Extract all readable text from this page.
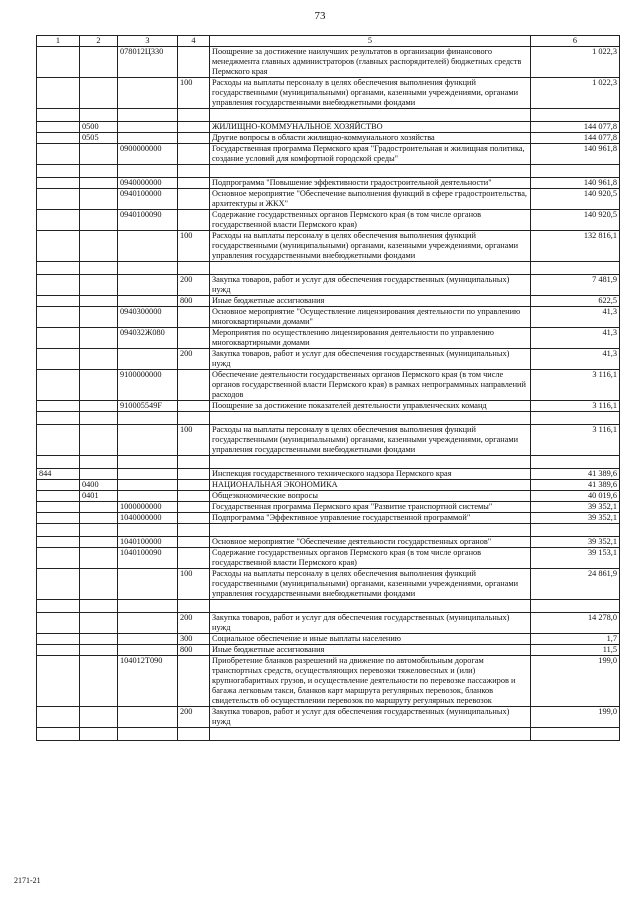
73
1	2	3	4	5	6
		078012Ц330		Поощрение за достижение наилучших результатов в организации финансового менеджмента главных администраторов (главных распорядителей) бюджетных средств Пермского края	1 022,3
			100	Расходы на выплаты персоналу в целях обеспечения выполнения функций государственными (муниципальными) органами, казенными учреждениями, органами управления государственными внебюджетными фондами	1 022,3

	0500			ЖИЛИЩНО-КОММУНАЛЬНОЕ ХОЗЯЙСТВО	144 077,8
	0505			Другие вопросы в области жилищно-коммунального хозяйства	144 077,8
		0900000000		Государственная программа Пермского края "Градостроительная и жилищная политика, создание условий для комфортной городской среды"	140 961,8

		0940000000		Подпрограмма "Повышение эффективности градостроительной деятельности"	140 961,8
		0940100000		Основное мероприятие "Обеспечение выполнения функций в сфере градостроительства, архитектуры и ЖКХ"	140 920,5
		0940100090		Содержание государственных органов Пермского края (в том числе органов государственной власти Пермского края)	140 920,5
			100	Расходы на выплаты персоналу в целях обеспечения выполнения функций государственными (муниципальными) органами, казенными учреждениями, органами управления государственными внебюджетными фондами	132 816,1

			200	Закупка товаров, работ и услуг для обеспечения государственных (муниципальных) нужд	7 481,9
			800	Иные бюджетные ассигнования	622,5
		0940300000		Основное мероприятие "Осуществление лицензирования деятельности по управлению многоквартирными домами"	41,3
		094032Ж080		Мероприятия по осуществлению лицензирования деятельности по управлению многоквартирными домами	41,3
			200	Закупка товаров, работ и услуг для обеспечения государственных (муниципальных) нужд	41,3
		9100000000		Обеспечение деятельности государственных органов Пермского края (в том числе органов государственной власти Пермского края) в рамках непрограммных направлений расходов	3 116,1
		910005549F		Поощрение за достижение показателей деятельности управленческих команд	3 116,1

			100	Расходы на выплаты персоналу в целях обеспечения выполнения функций государственными (муниципальными) органами, казенными учреждениями, органами управления государственными внебюджетными фондами	3 116,1

844				Инспекция государственного технического надзора Пермского края	41 389,6
	0400			НАЦИОНАЛЬНАЯ ЭКОНОМИКА	41 389,6
	0401			Общеэкономические вопросы	40 019,6
		1000000000		Государственная программа Пермского края "Развитие транспортной системы"	39 352,1
		1040000000		Подпрограмма "Эффективное управление государственной программой"	39 352,1

		1040100000		Основное мероприятие "Обеспечение деятельности государственных органов"	39 352,1
		1040100090		Содержание государственных органов Пермского края (в том числе органов государственной власти Пермского края)	39 153,1
			100	Расходы на выплаты персоналу в целях обеспечения выполнения функций государственными (муниципальными) органами, казенными учреждениями, органами управления государственными внебюджетными фондами	24 861,9

			200	Закупка товаров, работ и услуг для обеспечения государственных (муниципальных) нужд	14 278,0
			300	Социальное обеспечение и иные выплаты населению	1,7
			800	Иные бюджетные ассигнования	11,5
		104012Т090		Приобретение бланков разрешений на движение по автомобильным дорогам транспортных средств, осуществляющих перевозки тяжеловесных и (или) крупногабаритных грузов, и осуществление деятельности по перевозке пассажиров и багажа легковым такси, бланков карт маршрута регулярных перевозок, бланков свидетельств об осуществлении перевозок по маршруту регулярных перевозок	199,0
			200	Закупка товаров, работ и услуг для обеспечения государственных (муниципальных) нужд	199,0

2171-21
